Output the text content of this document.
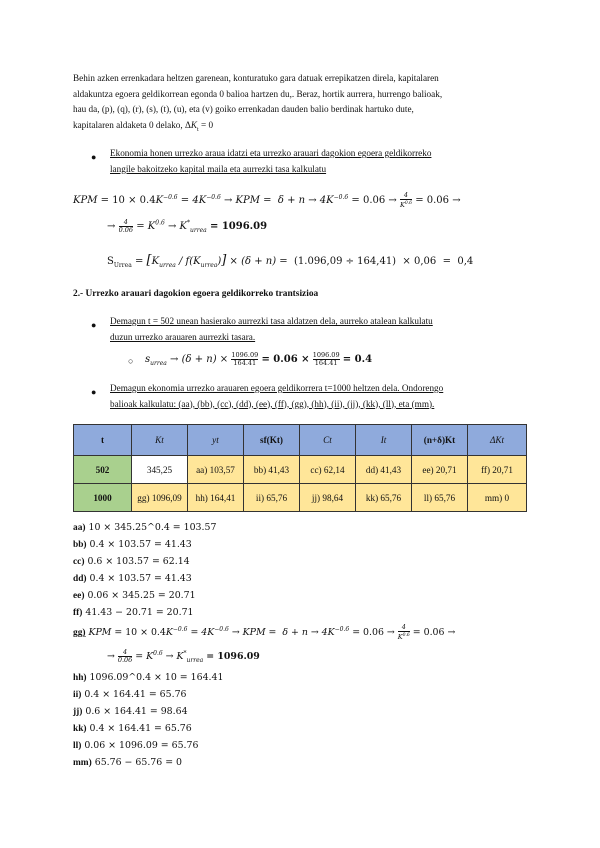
Behin azken errenkadara heltzen garenean, konturatuko gara datuak errepikatzen direla, kapitalaren
aldakuntza egoera geldikorrean egonda 0 balioa hartzen du,. Beraz, hortik aurrera, hurrengo balioak,
hau da, (p), (q), (r), (s), (t), (u), eta (v) goiko errenkadan dauden balio berdinak hartuko dute,
kapitalaren aldaketa 0 delako, $\Delta K_t = 0$
● Ekonomia honen urrezko araua idatzi eta urrezko arauari dagokion egoera geldikorreko
langile bakoitzeko kapital maila eta aurrezki tasa kalkulatu
KPM = $10 \times 0.4K^{-0.6} = 4K^{-0.6}$ → KPM =  $\delta + n \to 4K^{-0.6} = 0.06 \to \frac{4}{K^{0.6}} = 0.06$ →
→ $\frac{4}{0.06} = K^{0.6} \to K^*_{urrea} = 1096.09$
$S_{Urrea} = [K_{urrea} / f(K_{urrea})] \times (\delta + n) = (1.096,09 \div 164,41) \times 0,06 = 0,4$
2.- Urrezko arauari dagokion egoera geldikorreko trantsizioa
● Demagun t = 502 unean hasierako aurrezki tasa aldatzen dela, aurreko atalean kalkulatu
duzun urrezko arauaren aurrezki tasara.
○ $s_{urrea} \to (\delta + n) \times \frac{1096.09}{164.41} = 0.06 \times \frac{1096.09}{164.41} = 0.4$
● Demagun ekonomia urrezko arauaren egoera geldikorrera t=1000 heltzen dela. Ondorengo
balioak kalkulatu: (aa), (bb), (cc), (dd), (ee), (ff), (gg), (hh), (ii), (jj), (kk), (ll), eta (mm).
t	Kt	yt	sf(Kt)	Ct	It	(n+δ)Kt	ΔKt
502	345,25	aa) 103,57	bb) 41,43	cc) 62,14	dd) 41,43	ee) 20,71	ff) 20,71
1000	gg) 1096,09	hh) 164,41	ii) 65,76	jj) 98,64	kk) 65,76	ll) 65,76	mm) 0
aa) 10 × 345.25^0.4 = 103.57
bb) 0.4 × 103.57 = 41.43
cc) 0.6 × 103.57 = 62.14
dd) 0.4 × 103.57 = 41.43
ee) 0.06 × 345.25 = 20.71
ff) 41.43 − 20.71 = 20.71
gg) KPM = $10 \times 0.4K^{-0.6} = 4K^{-0.6}$ → KPM =  $\delta + n \to 4K^{-0.6} = 0.06 \to \frac{4}{K^{0.6}} = 0.06$ →
→ $\frac{4}{0.06} = K^{0.6} \to K^*_{urrea} = 1096.09$
hh) 1096.09^0.4 × 10 = 164.41
ii) 0.4 × 164.41 = 65.76
jj) 0.6 × 164.41 = 98.64
kk) 0.4 × 164.41 = 65.76
ll) 0.06 × 1096.09 = 65.76
mm) 65.76 − 65.76 = 0
